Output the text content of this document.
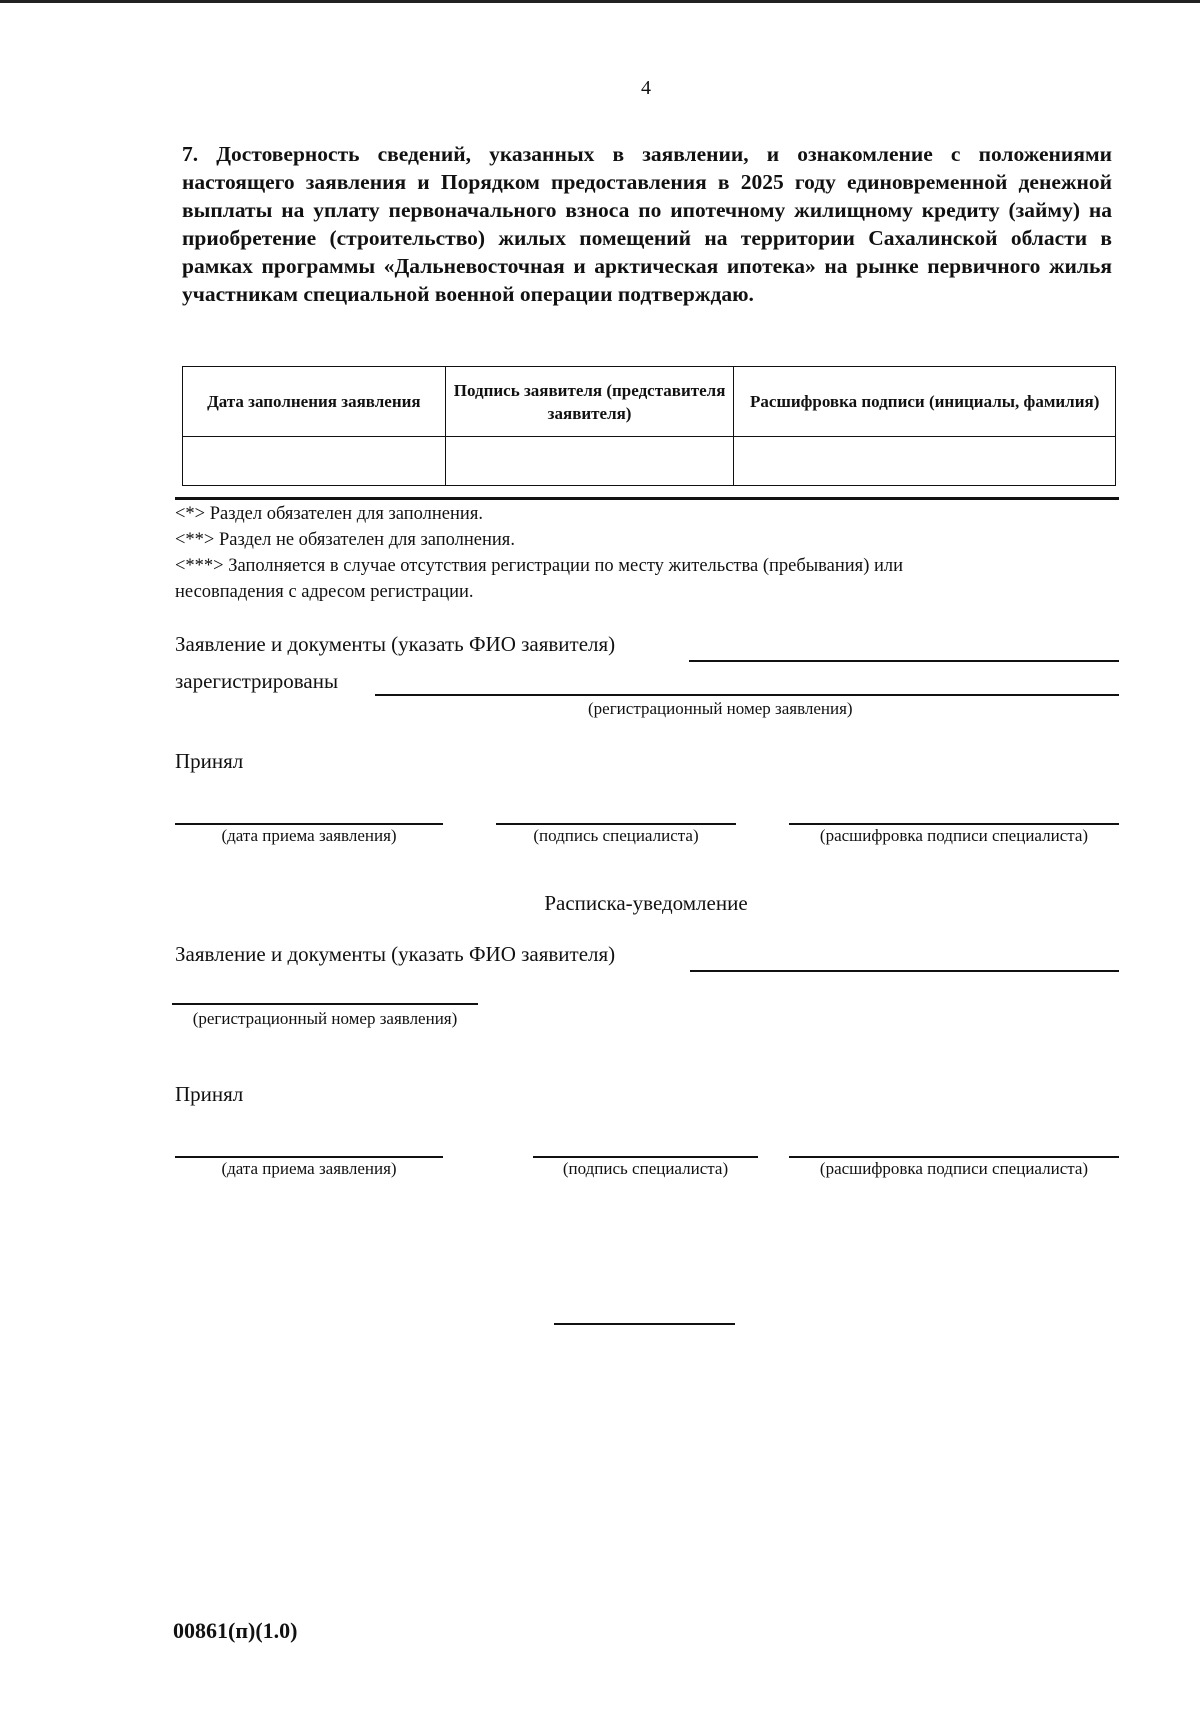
4
7. Достоверность сведений, указанных в заявлении, и ознакомление с положениями настоящего заявления и Порядком предоставления в 2025 году единовременной денежной выплаты на уплату первоначального взноса по ипотечному жилищному кредиту (займу) на приобретение (строительство) жилых помещений на территории Сахалинской области в рамках программы «Дальневосточная и арктическая ипотека» на рынке первичного жилья участникам специальной военной операции подтверждаю.
Дата заполнения заявления	Подпись заявителя (представителя заявителя)	Расшифровка подписи (инициалы, фамилия)

<*> Раздел обязателен для заполнения.
<**> Раздел не обязателен для заполнения.
<***> Заполняется в случае отсутствия регистрации по месту жительства (пребывания) или
несовпадения с адресом регистрации.
Заявление и документы (указать ФИО заявителя)
зарегистрированы
(регистрационный номер заявления)
Принял
(дата приема заявления)	(подпись специалиста)	(расшифровка подписи специалиста)
Расписка-уведомление
Заявление и документы (указать ФИО заявителя)
(регистрационный номер заявления)
Принял
(дата приема заявления)	(подпись специалиста)	(расшифровка подписи специалиста)
00861(п)(1.0)
